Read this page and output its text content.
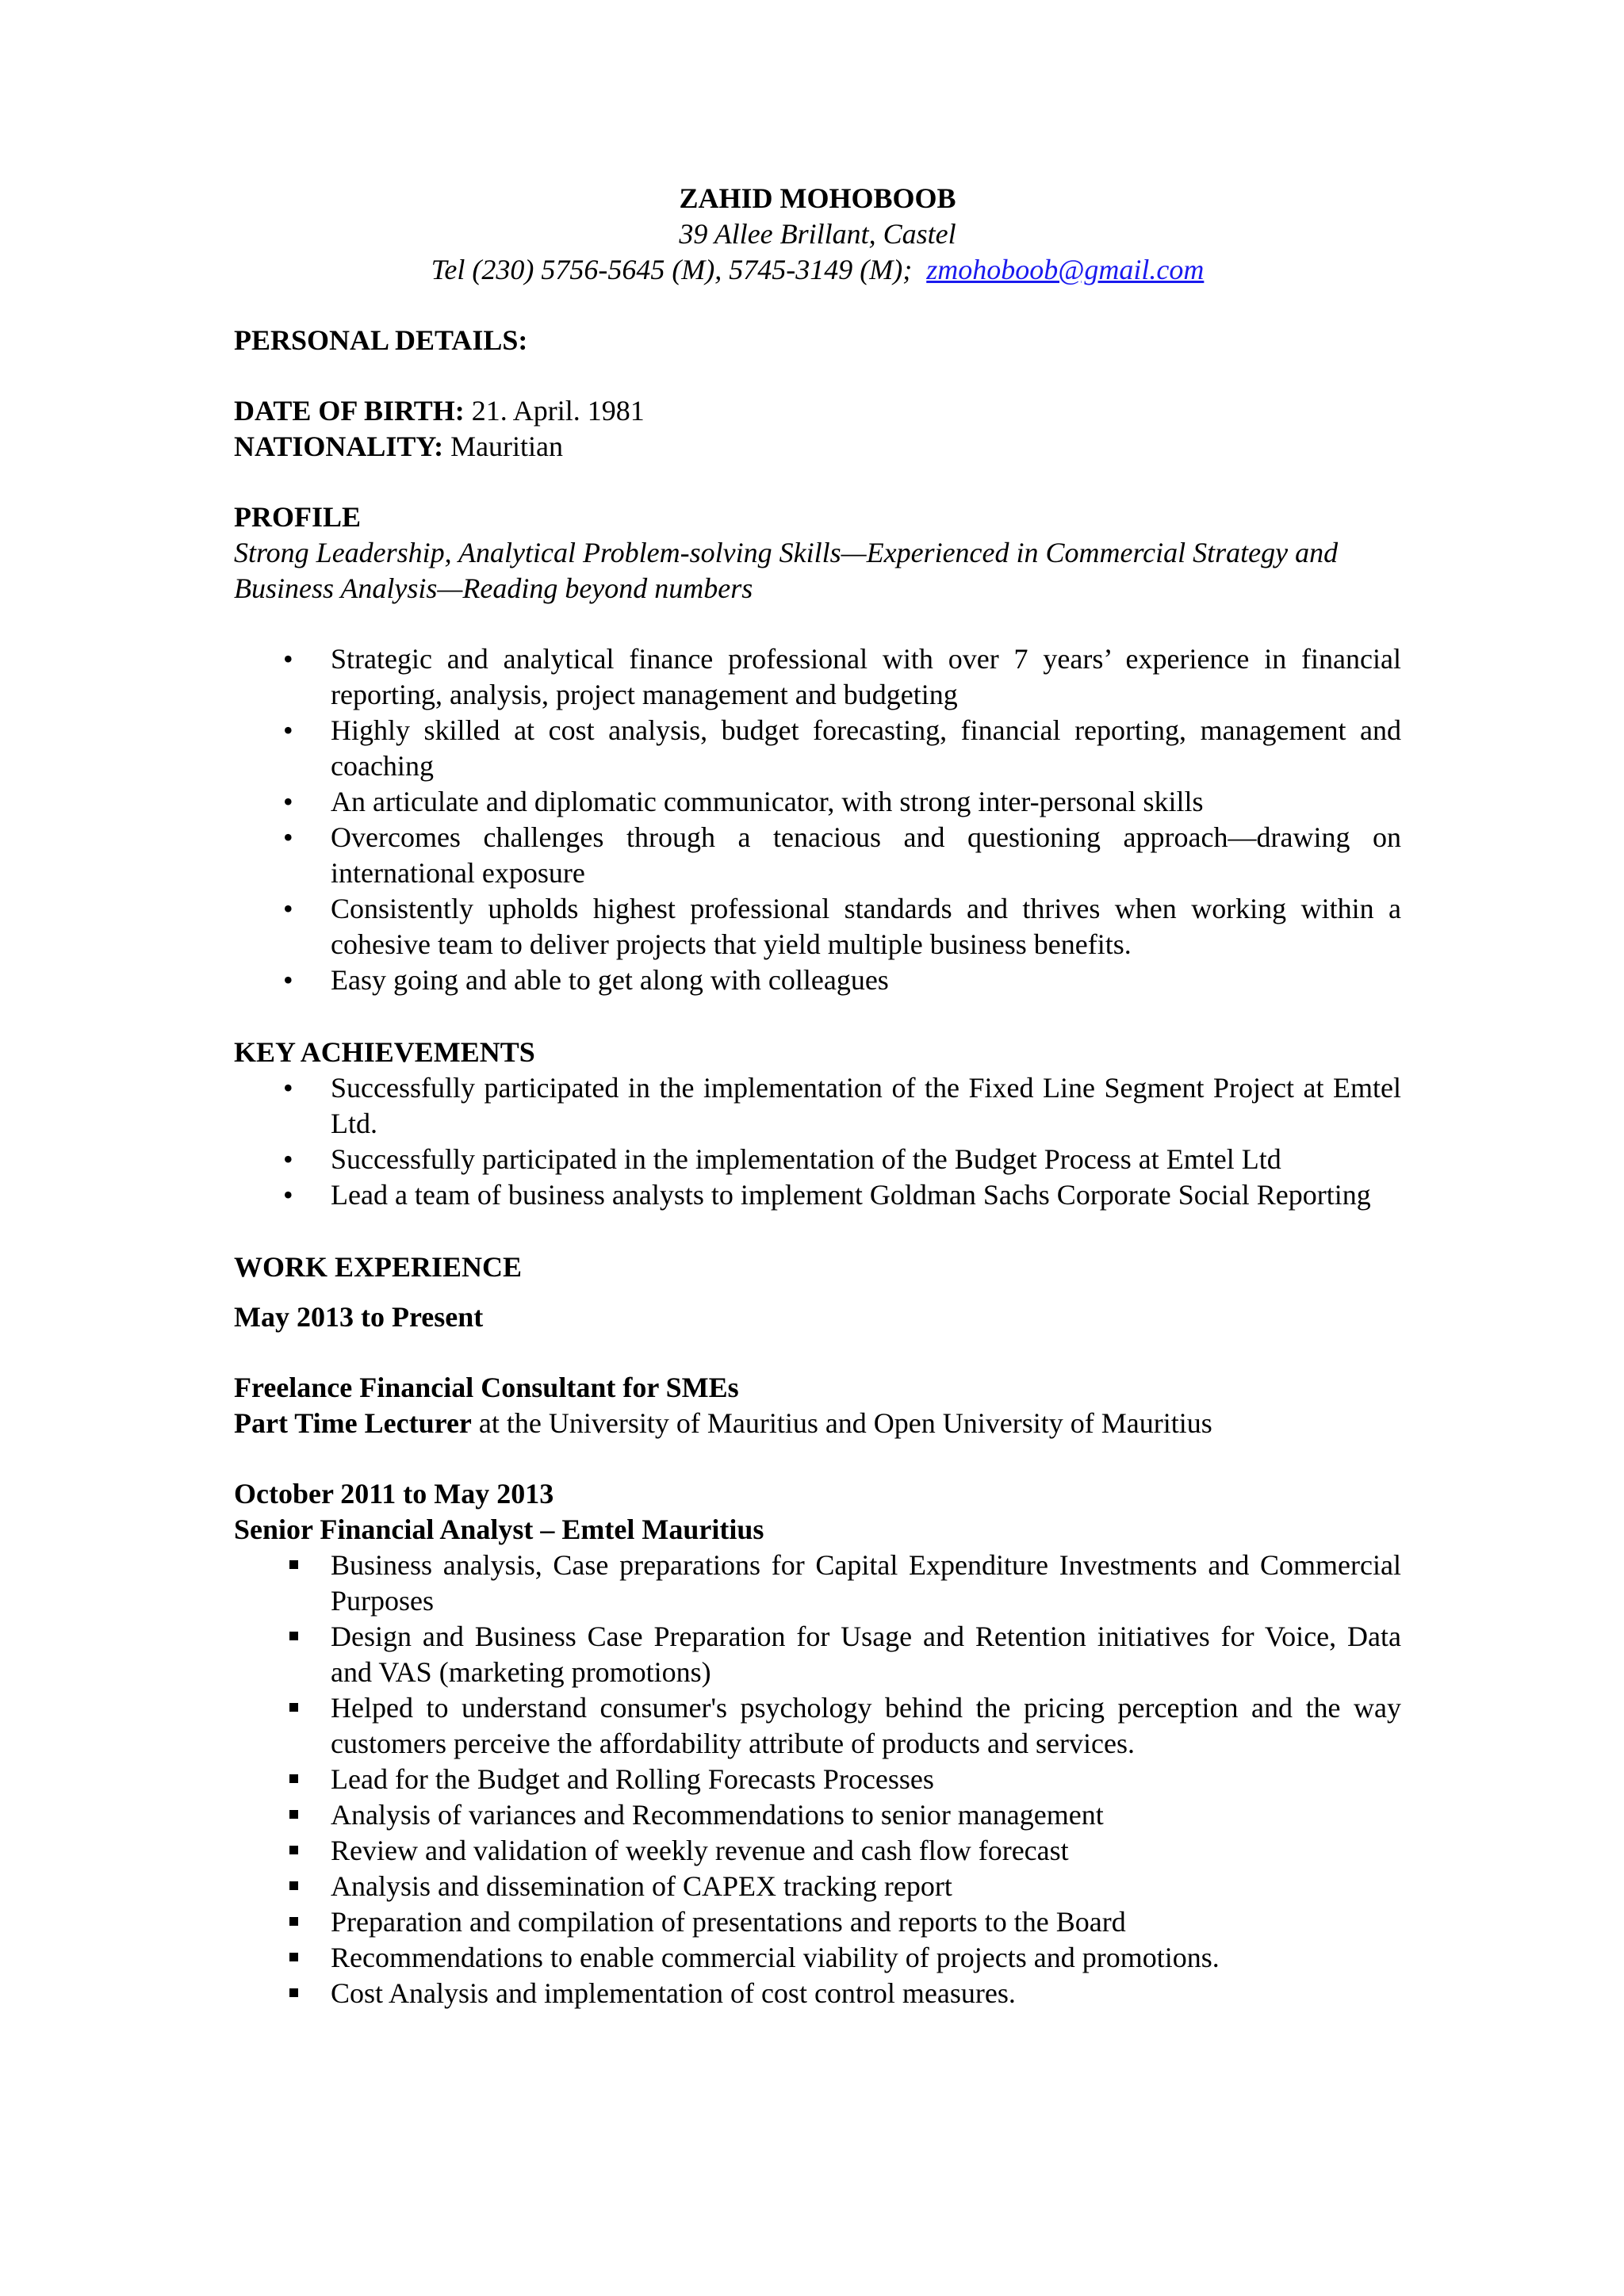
ZAHID MOHOBOOB
39 Allee Brillant, Castel
Tel (230) 5756-5645 (M), 5745-3149 (M); zmohoboob@gmail.com
PERSONAL DETAILS:
DATE OF BIRTH: 21. April. 1981
NATIONALITY: Mauritian
PROFILE
Strong Leadership, Analytical Problem-solving Skills—Experienced in Commercial Strategy and Business Analysis—Reading beyond numbers
• Strategic and analytical finance professional with over 7 years’ experience in financial reporting, analysis, project management and budgeting
• Highly skilled at cost analysis, budget forecasting, financial reporting, management and coaching
• An articulate and diplomatic communicator, with strong inter-personal skills
• Overcomes challenges through a tenacious and questioning approach—drawing on international exposure
• Consistently upholds highest professional standards and thrives when working within a cohesive team to deliver projects that yield multiple business benefits.
• Easy going and able to get along with colleagues
KEY ACHIEVEMENTS
• Successfully participated in the implementation of the Fixed Line Segment Project at Emtel Ltd.
• Successfully participated in the implementation of the Budget Process at Emtel Ltd
• Lead a team of business analysts to implement Goldman Sachs Corporate Social Reporting
WORK EXPERIENCE
May 2013 to Present
Freelance Financial Consultant for SMEs
Part Time Lecturer at the University of Mauritius and Open University of Mauritius
October 2011 to May 2013
Senior Financial Analyst – Emtel Mauritius
Business analysis, Case preparations for Capital Expenditure Investments and Commercial Purposes
Design and Business Case Preparation for Usage and Retention initiatives for Voice, Data and VAS (marketing promotions)
Helped to understand consumer's psychology behind the pricing perception and the way customers perceive the affordability attribute of products and services.
Lead for the Budget and Rolling Forecasts Processes
Analysis of variances and Recommendations to senior management
Review and validation of weekly revenue and cash flow forecast
Analysis and dissemination of CAPEX tracking report
Preparation and compilation of presentations and reports to the Board
Recommendations to enable commercial viability of projects and promotions.
Cost Analysis and implementation of cost control measures.
